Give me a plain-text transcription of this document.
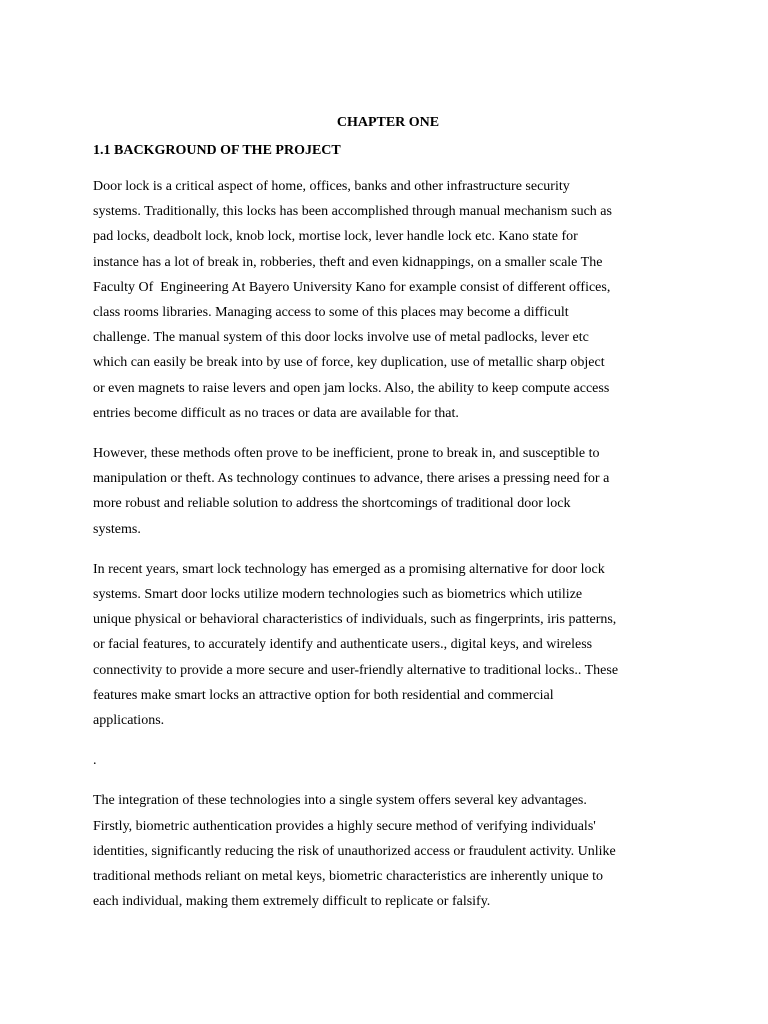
CHAPTER ONE
1.1 BACKGROUND OF THE PROJECT
Door lock is a critical aspect of home, offices, banks and other infrastructure security
systems. Traditionally, this locks has been accomplished through manual mechanism such as
pad locks, deadbolt lock, knob lock, mortise lock, lever handle lock etc. Kano state for
instance has a lot of break in, robberies, theft and even kidnappings, on a smaller scale The
Faculty Of  Engineering At Bayero University Kano for example consist of different offices,
class rooms libraries. Managing access to some of this places may become a difficult
challenge. The manual system of this door locks involve use of metal padlocks, lever etc
which can easily be break into by use of force, key duplication, use of metallic sharp object
or even magnets to raise levers and open jam locks. Also, the ability to keep compute access
entries become difficult as no traces or data are available for that.
However, these methods often prove to be inefficient, prone to break in, and susceptible to
manipulation or theft. As technology continues to advance, there arises a pressing need for a
more robust and reliable solution to address the shortcomings of traditional door lock
systems.
In recent years, smart lock technology has emerged as a promising alternative for door lock
systems. Smart door locks utilize modern technologies such as biometrics which utilize
unique physical or behavioral characteristics of individuals, such as fingerprints, iris patterns,
or facial features, to accurately identify and authenticate users., digital keys, and wireless
connectivity to provide a more secure and user-friendly alternative to traditional locks.. These
features make smart locks an attractive option for both residential and commercial
applications.
.
The integration of these technologies into a single system offers several key advantages.
Firstly, biometric authentication provides a highly secure method of verifying individuals'
identities, significantly reducing the risk of unauthorized access or fraudulent activity. Unlike
traditional methods reliant on metal keys, biometric characteristics are inherently unique to
each individual, making them extremely difficult to replicate or falsify.
